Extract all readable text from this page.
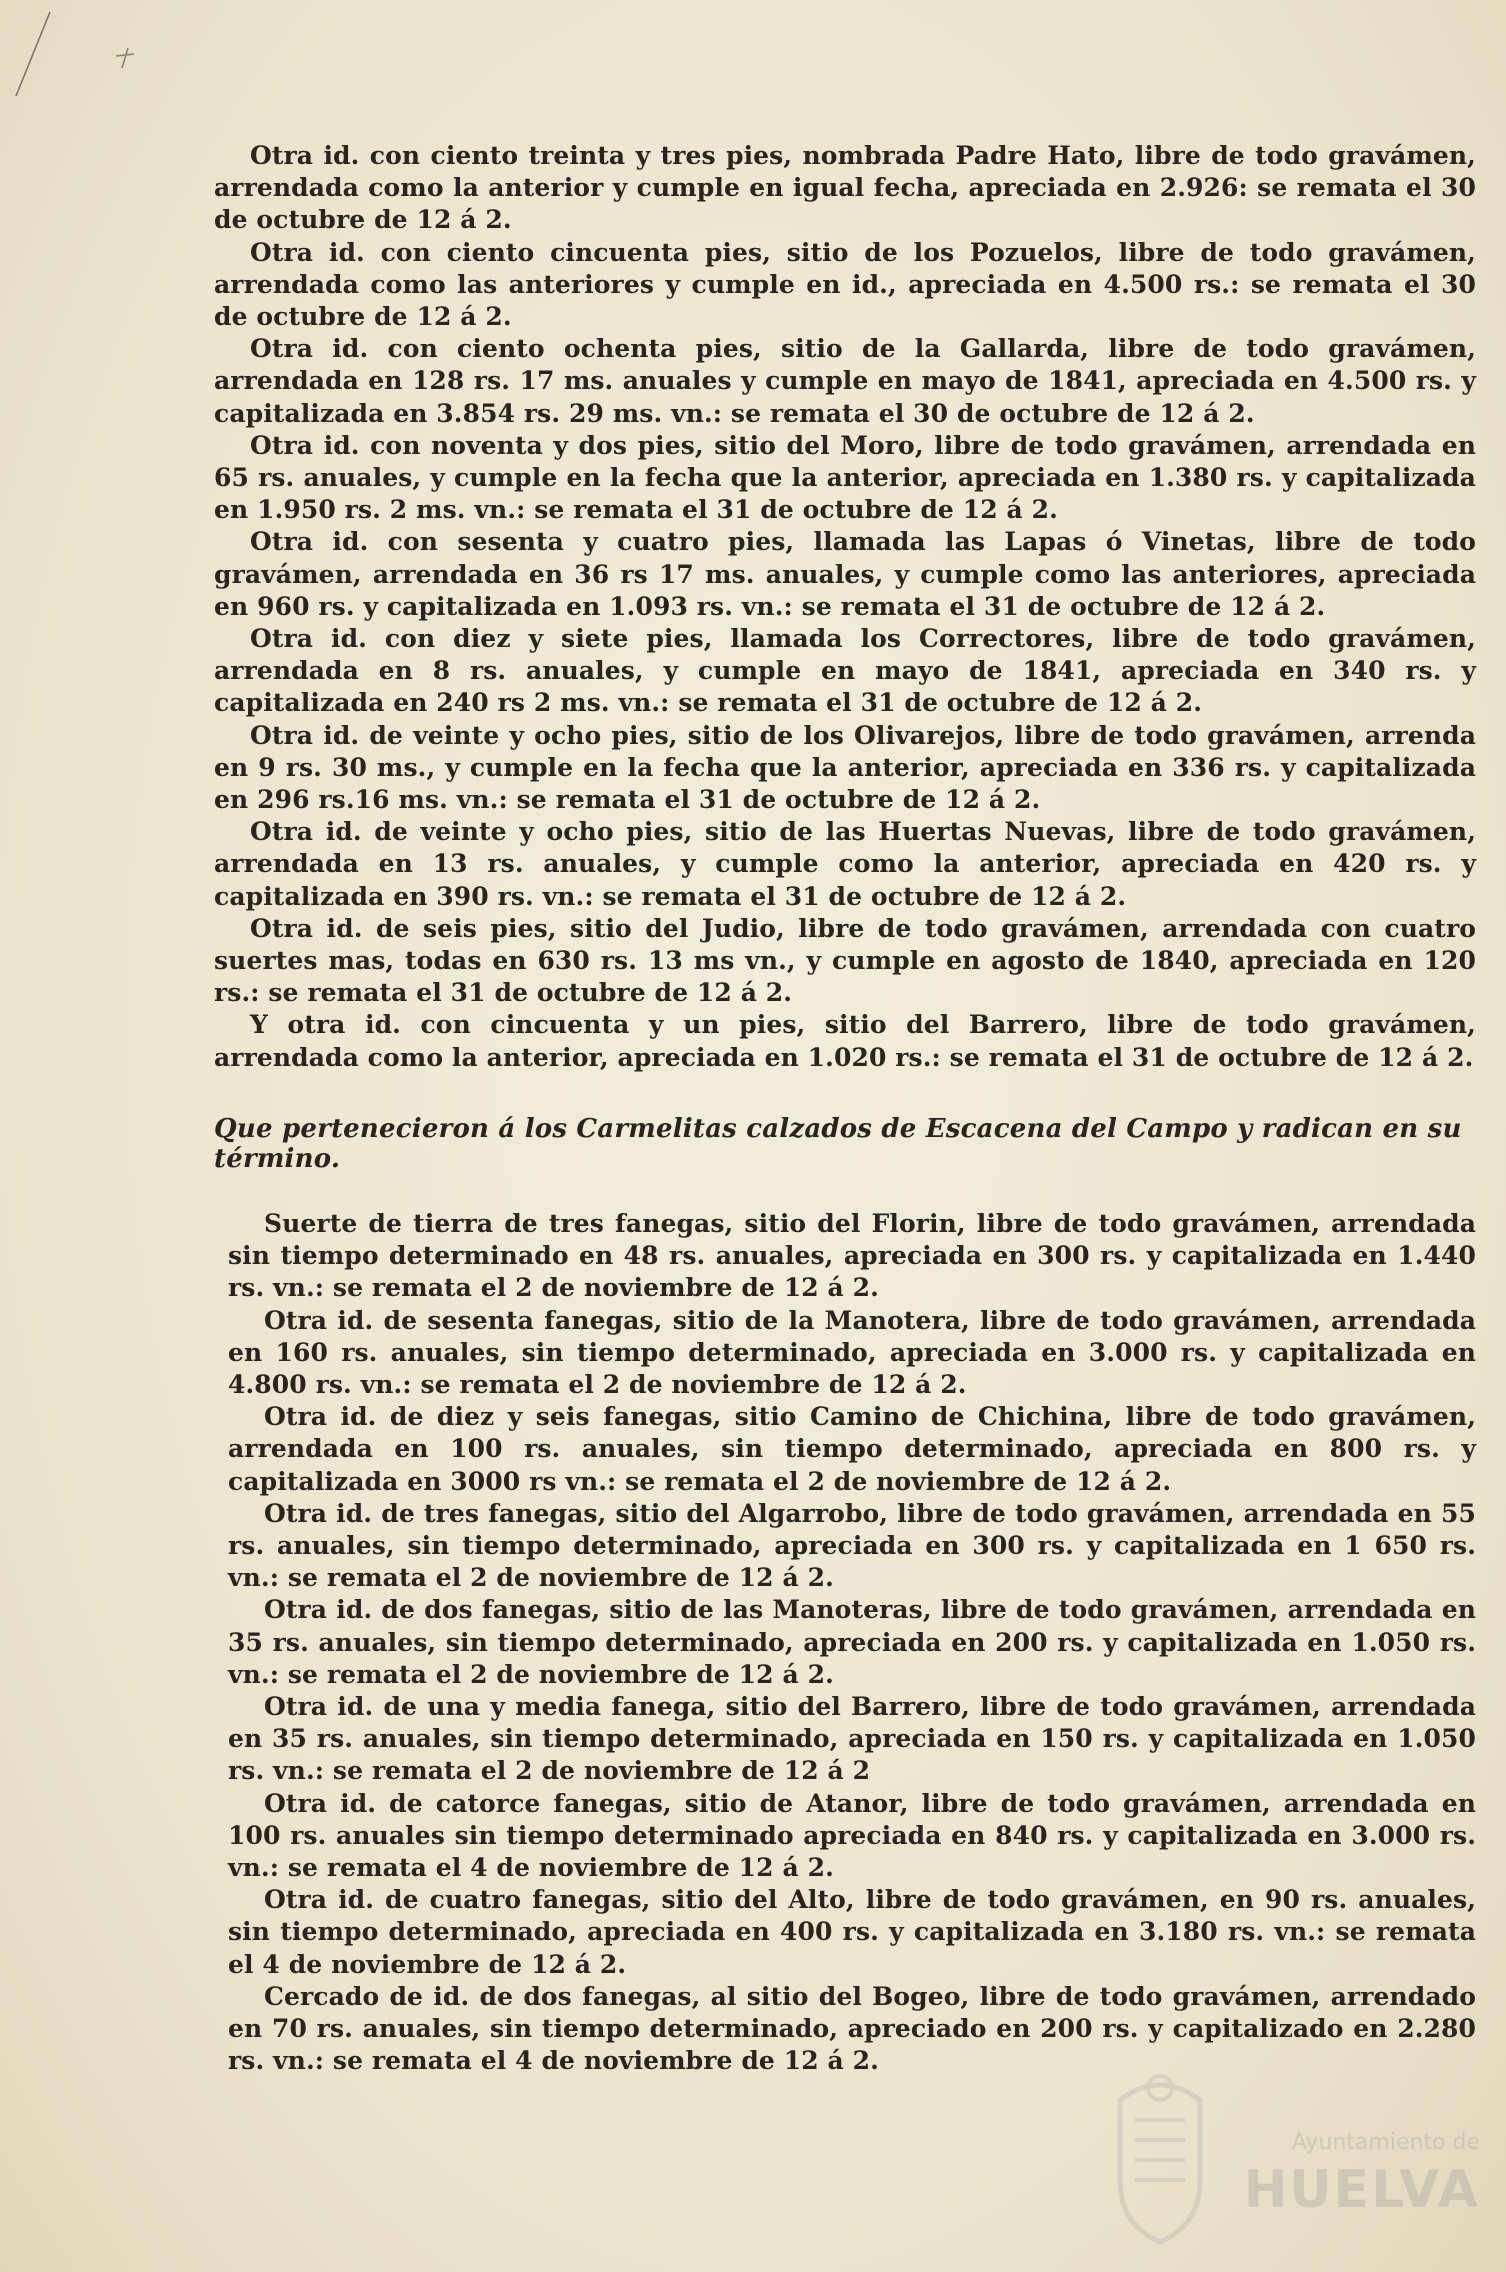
Otra id. con ciento treinta y tres pies, nombrada Padre Hato, libre de todo gravámen, arrendada como la anterior y cumple en igual fecha, apreciada en 2.926: se remata el 30 de octubre de 12 á 2.

Otra id. con ciento cincuenta pies, sitio de los Pozuelos, libre de todo gravámen, arrendada como las anteriores y cumple en id., apreciada en 4.500 rs.: se remata el 30 de octubre de 12 á 2.

Otra id. con ciento ochenta pies, sitio de la Gallarda, libre de todo gravámen, arrendada en 128 rs. 17 ms. anuales y cumple en mayo de 1841, apreciada en 4.500 rs. y capitalizada en 3.854 rs. 29 ms. vn.: se remata el 30 de octubre de 12 á 2.

Otra id. con noventa y dos pies, sitio del Moro, libre de todo gravámen, arrendada en 65 rs. anuales, y cumple en la fecha que la anterior, apreciada en 1.380 rs. y capitalizada en 1.950 rs. 2 ms. vn.: se remata el 31 de octubre de 12 á 2.

Otra id. con sesenta y cuatro pies, llamada las Lapas ó Vinetas, libre de todo gravámen, arrendada en 36 rs 17 ms. anuales, y cumple como las anteriores, apreciada en 960 rs. y capitalizada en 1.093 rs. vn.: se remata el 31 de octubre de 12 á 2.

Otra id. con diez y siete pies, llamada los Correctores, libre de todo gravámen, arrendada en 8 rs. anuales, y cumple en mayo de 1841, apreciada en 340 rs. y capitalizada en 240 rs 2 ms. vn.: se remata el 31 de octubre de 12 á 2.

Otra id. de veinte y ocho pies, sitio de los Olivarejos, libre de todo gravámen, arrenda en 9 rs. 30 ms., y cumple en la fecha que la anterior, apreciada en 336 rs. y capitalizada en 296 rs.16 ms. vn.: se remata el 31 de octubre de 12 á 2.

Otra id. de veinte y ocho pies, sitio de las Huertas Nuevas, libre de todo gravámen, arrendada en 13 rs. anuales, y cumple como la anterior, apreciada en 420 rs. y capitalizada en 390 rs. vn.: se remata el 31 de octubre de 12 á 2.

Otra id. de seis pies, sitio del Judio, libre de todo gravámen, arrendada con cuatro suertes mas, todas en 630 rs. 13 ms vn., y cumple en agosto de 1840, apreciada en 120 rs.: se remata el 31 de octubre de 12 á 2.

Y otra id. con cincuenta y un pies, sitio del Barrero, libre de todo gravámen, arrendada como la anterior, apreciada en 1.020 rs.: se remata el 31 de octubre de 12 á 2.

Que pertenecieron á los Carmelitas calzados de Escacena del Campo y radican en su término.

Suerte de tierra de tres fanegas, sitio del Florin, libre de todo gravámen, arrendada sin tiempo determinado en 48 rs. anuales, apreciada en 300 rs. y capitalizada en 1.440 rs. vn.: se remata el 2 de noviembre de 12 á 2.

Otra id. de sesenta fanegas, sitio de la Manotera, libre de todo gravámen, arrendada en 160 rs. anuales, sin tiempo determinado, apreciada en 3.000 rs. y capitalizada en 4.800 rs. vn.: se remata el 2 de noviembre de 12 á 2.

Otra id. de diez y seis fanegas, sitio Camino de Chichina, libre de todo gravámen, arrendada en 100 rs. anuales, sin tiempo determinado, apreciada en 800 rs. y capitalizada en 3000 rs vn.: se remata el 2 de noviembre de 12 á 2.

Otra id. de tres fanegas, sitio del Algarrobo, libre de todo gravámen, arrendada en 55 rs. anuales, sin tiempo determinado, apreciada en 300 rs. y capitalizada en 1 650 rs. vn.: se remata el 2 de noviembre de 12 á 2.

Otra id. de dos fanegas, sitio de las Manoteras, libre de todo gravámen, arrendada en 35 rs. anuales, sin tiempo determinado, apreciada en 200 rs. y capitalizada en 1.050 rs. vn.: se remata el 2 de noviembre de 12 á 2.

Otra id. de una y media fanega, sitio del Barrero, libre de todo gravámen, arrendada en 35 rs. anuales, sin tiempo determinado, apreciada en 150 rs. y capitalizada en 1.050 rs. vn.: se remata el 2 de noviembre de 12 á 2

Otra id. de catorce fanegas, sitio de Atanor, libre de todo gravámen, arrendada en 100 rs. anuales sin tiempo determinado apreciada en 840 rs. y capitalizada en 3.000 rs. vn.: se remata el 4 de noviembre de 12 á 2.

Otra id. de cuatro fanegas, sitio del Alto, libre de todo gravámen, en 90 rs. anuales, sin tiempo determinado, apreciada en 400 rs. y capitalizada en 3.180 rs. vn.: se remata el 4 de noviembre de 12 á 2.

Cercado de id. de dos fanegas, al sitio del Bogeo, libre de todo gravámen, arrendado en 70 rs. anuales, sin tiempo determinado, apreciado en 200 rs. y capitalizado en 2.280 rs. vn.: se remata el 4 de noviembre de 12 á 2.

Ayuntamiento de
HUELVA
